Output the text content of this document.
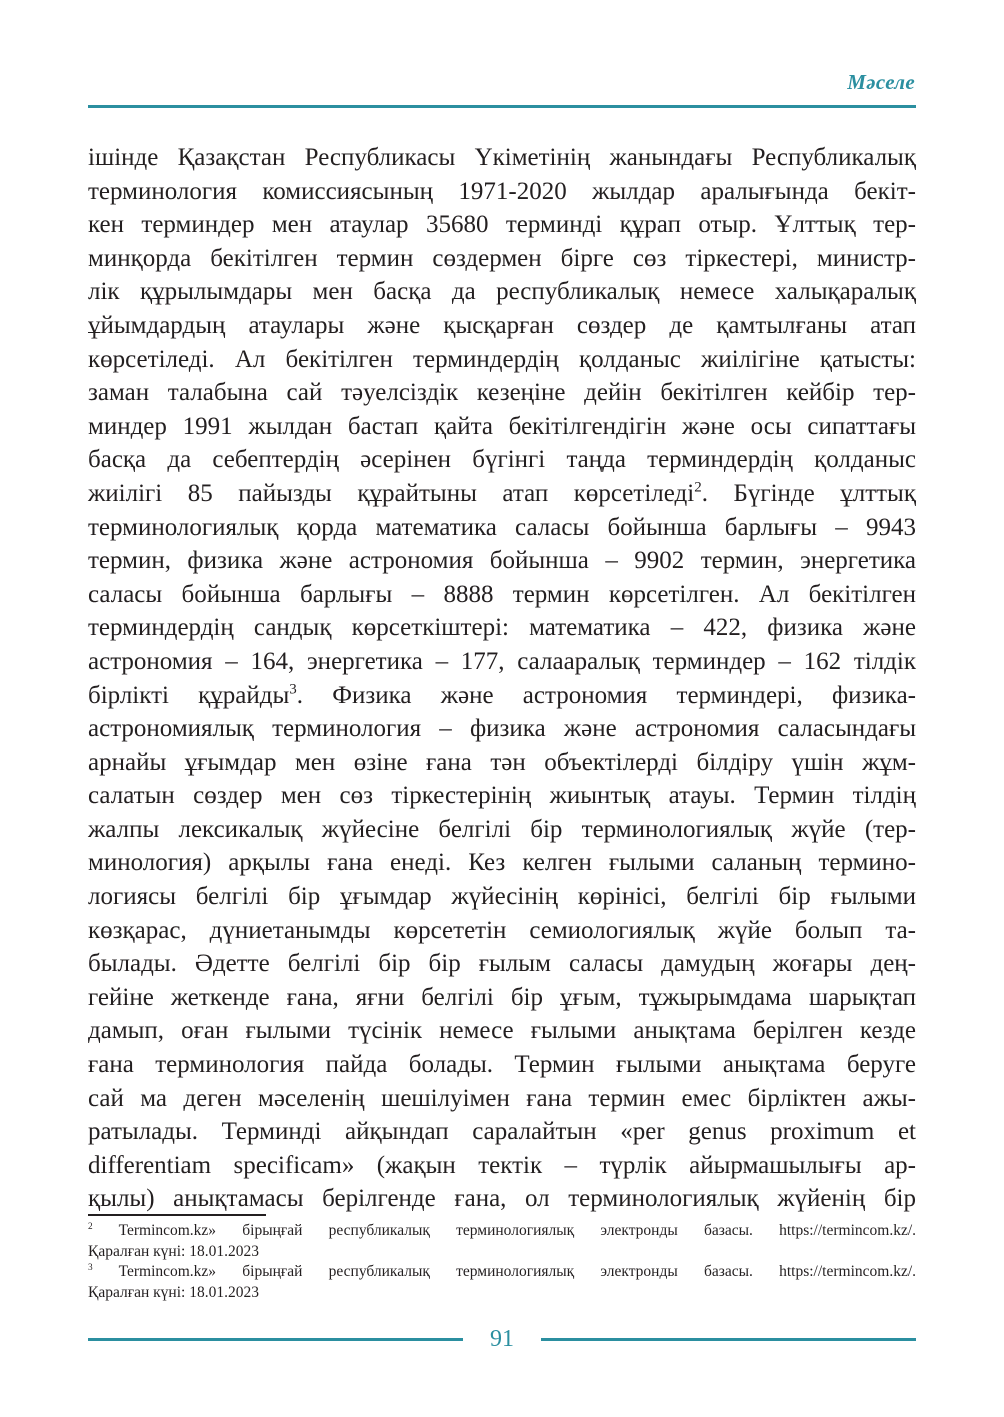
Мәселе
ішінде Қазақстан Республикасы Үкіметінің жанындағы Республикалық
терминология комиссиясының 1971-2020 жылдар аралығында бекіт-
кен терминдер мен атаулар 35680 терминді құрап отыр. Ұлттық тер-
минқорда бекітілген термин сөздермен бірге сөз тіркестері, министр-
лік құрылымдары мен басқа да республикалық немесе халықаралық
ұйымдардың атаулары және қысқарған сөздер де қамтылғаны атап
көрсетіледі. Ал бекітілген терминдердің қолданыс жиілігіне қатысты:
заман талабына сай тәуелсіздік кезеңіне дейін бекітілген кейбір тер-
миндер 1991 жылдан бастап қайта бекітілгендігін және осы сипаттағы
басқа да себептердің әсерінен бүгінгі таңда терминдердің қолданыс
жиілігі 85 пайызды құрайтыны атап көрсетіледі$^2$. Бүгінде ұлттық
терминологиялық қорда математика саласы бойынша барлығы – 9943
термин, физика және астрономия бойынша – 9902 термин, энергетика
саласы бойынша барлығы – 8888 термин көрсетілген. Ал бекітілген
терминдердің сандық көрсеткіштері: математика – 422, физика және
астрономия – 164, энергетика – 177, салааралық терминдер – 162 тілдік
бірлікті құрайды$^3$. Физика және астрономия терминдері, физика-
астрономиялық терминология – физика және астрономия саласындағы
арнайы ұғымдар мен өзіне ғана тән объектілерді білдіру үшін жұм-
салатын сөздер мен сөз тіркестерінің жиынтық атауы. Термин тілдің
жалпы лексикалық жүйесіне белгілі бір терминологиялық жүйе (тер-
минология) арқылы ғана енеді. Кез келген ғылыми саланың термино-
логиясы белгілі бір ұғымдар жүйесінің көрінісі, белгілі бір ғылыми
көзқарас, дүниетанымды көрсететін семиологиялық жүйе болып та-
былады. Әдетте белгілі бір бір ғылым саласы дамудың жоғары дең-
гейіне жеткенде ғана, яғни белгілі бір ұғым, тұжырымдама шарықтап
дамып, оған ғылыми түсінік немесе ғылыми анықтама берілген кезде
ғана терминология пайда болады. Термин ғылыми анықтама беруге
сай ма деген мәселенің шешілуімен ғана термин емес бірліктен ажы-
ратылады. Терминді айқындап саралайтын «per genus proximum et
differentiam specificam» (жақын тектік – түрлік айырмашылығы ар-
қылы) анықтамасы берілгенде ғана, ол терминологиялық жүйенің бір
$^2$ Termincom.kz» бірыңғай республикалық терминологиялық электронды базасы. https://termincom.kz/.
Қаралған күні: 18.01.2023
$^3$ Termincom.kz» бірыңғай республикалық терминологиялық электронды базасы. https://termincom.kz/.
Қаралған күні: 18.01.2023
91
